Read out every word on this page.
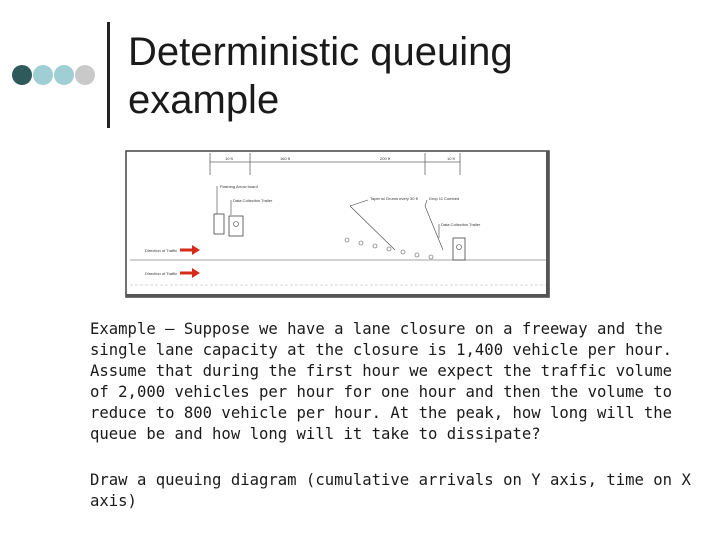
Deterministic queuing
example
10 ft	160 ft	200 ft	10 ft
Flashing Arrow board
Data Collection Trailer	Taper w/ Drums every 30 ft	Drop 11 Combed
Data Collection Trailer
Direction of Traffic
Direction of Traffic
Example – Suppose we have a lane closure on a freeway and the single lane capacity at the closure is 1,400 vehicle per hour. Assume that during the first hour we expect the traffic volume of 2,000 vehicles per hour for one hour and then the volume to reduce to 800 vehicle per hour. At the peak, how long will the queue be and how long will it take to dissipate?
Draw a queuing diagram (cumulative arrivals on Y axis, time on X axis)
